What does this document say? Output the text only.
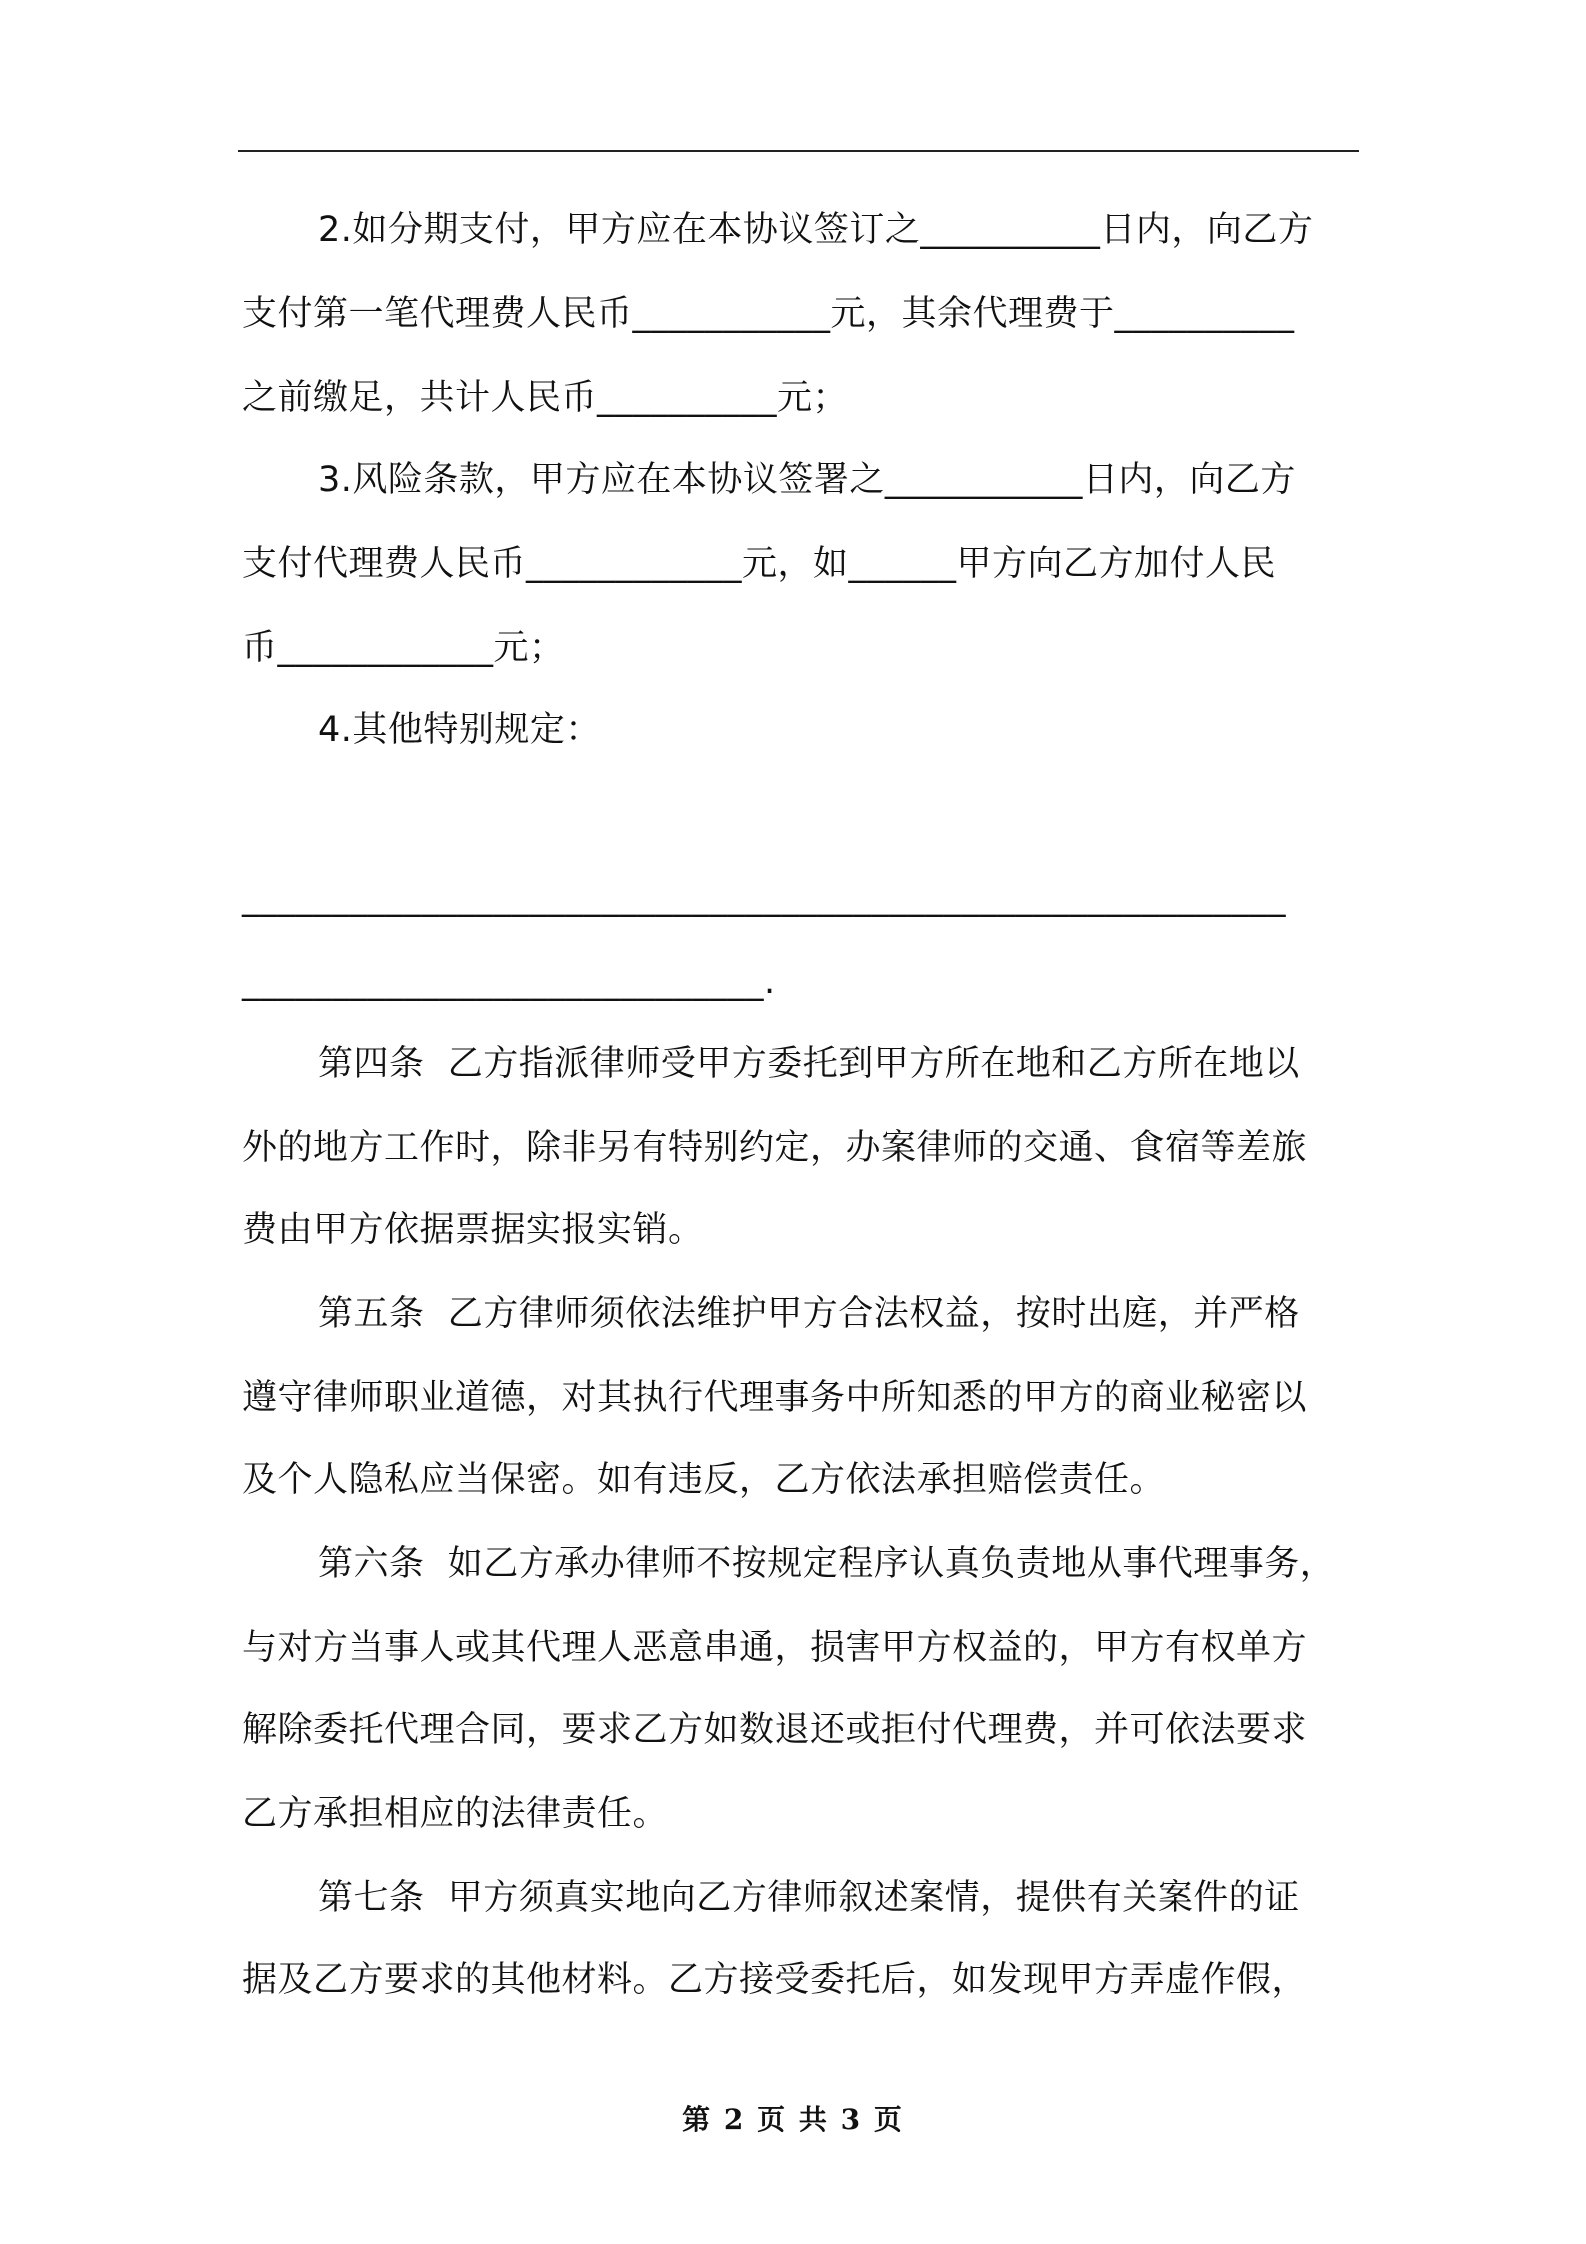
2.如分期支付，甲方应在本协议签订之__________日内，向乙方
支付第一笔代理费人民币___________元，其余代理费于__________
之前缴足，共计人民币__________元；
3.风险条款，甲方应在本协议签署之___________日内，向乙方
支付代理费人民币____________元，如______甲方向乙方加付人民
币____________元；
4.其他特别规定：
__________________________________________________________
_____________________________.
第四条  乙方指派律师受甲方委托到甲方所在地和乙方所在地以
外的地方工作时，除非另有特别约定，办案律师的交通、食宿等差旅
费由甲方依据票据实报实销。
第五条  乙方律师须依法维护甲方合法权益，按时出庭，并严格
遵守律师职业道德，对其执行代理事务中所知悉的甲方的商业秘密以
及个人隐私应当保密。如有违反，乙方依法承担赔偿责任。
第六条  如乙方承办律师不按规定程序认真负责地从事代理事务，
与对方当事人或其代理人恶意串通，损害甲方权益的，甲方有权单方
解除委托代理合同，要求乙方如数退还或拒付代理费，并可依法要求
乙方承担相应的法律责任。
第七条  甲方须真实地向乙方律师叙述案情，提供有关案件的证
据及乙方要求的其他材料。乙方接受委托后，如发现甲方弄虚作假，
第 2 页 共 3 页
